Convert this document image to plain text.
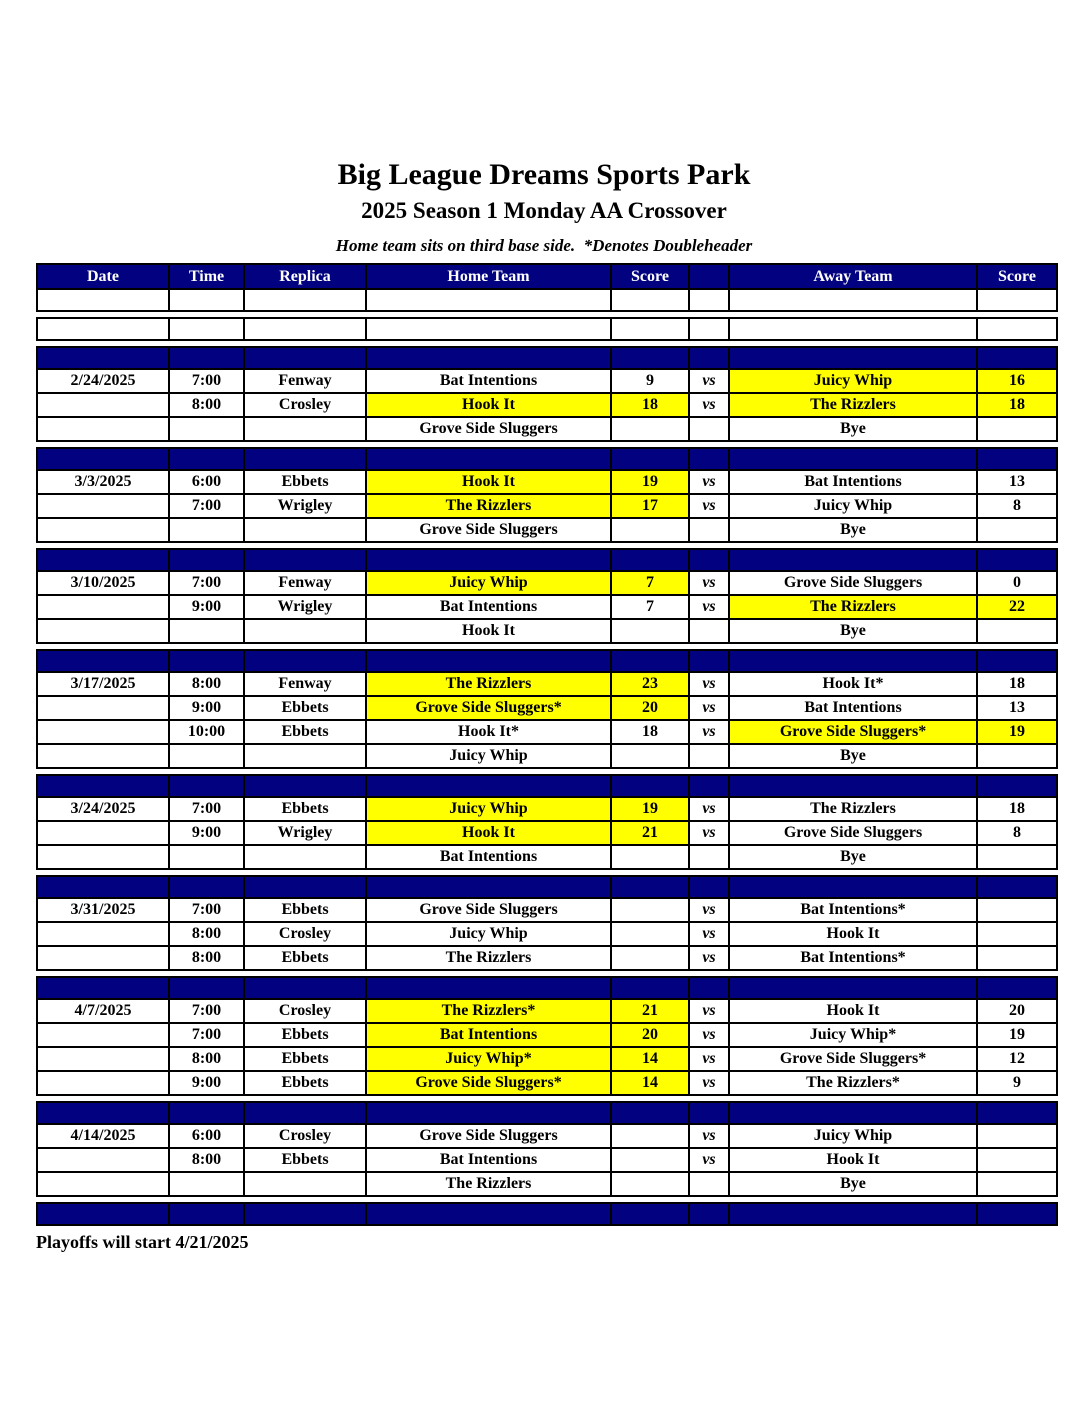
Big League Dreams Sports Park
2025 Season 1 Monday AA Crossover
Home team sits on third base side.  *Denotes Doubleheader
Date	Time	Replica	Home Team	Score		Away Team	Score

2/24/2025	7:00	Fenway	Bat Intentions	9	vs	Juicy Whip	16
	8:00	Crosley	Hook It	18	vs	The Rizzlers	18
			Grove Side Sluggers			Bye	

3/3/2025	6:00	Ebbets	Hook It	19	vs	Bat Intentions	13
	7:00	Wrigley	The Rizzlers	17	vs	Juicy Whip	8
			Grove Side Sluggers			Bye	

3/10/2025	7:00	Fenway	Juicy Whip	7	vs	Grove Side Sluggers	0
	9:00	Wrigley	Bat Intentions	7	vs	The Rizzlers	22
			Hook It			Bye	

3/17/2025	8:00	Fenway	The Rizzlers	23	vs	Hook It*	18
	9:00	Ebbets	Grove Side Sluggers*	20	vs	Bat Intentions	13
	10:00	Ebbets	Hook It*	18	vs	Grove Side Sluggers*	19
			Juicy Whip			Bye	

3/24/2025	7:00	Ebbets	Juicy Whip	19	vs	The Rizzlers	18
	9:00	Wrigley	Hook It	21	vs	Grove Side Sluggers	8
			Bat Intentions			Bye	

3/31/2025	7:00	Ebbets	Grove Side Sluggers		vs	Bat Intentions*	
	8:00	Crosley	Juicy Whip		vs	Hook It	
	8:00	Ebbets	The Rizzlers		vs	Bat Intentions*	

4/7/2025	7:00	Crosley	The Rizzlers*	21	vs	Hook It	20
	7:00	Ebbets	Bat Intentions	20	vs	Juicy Whip*	19
	8:00	Ebbets	Juicy Whip*	14	vs	Grove Side Sluggers*	12
	9:00	Ebbets	Grove Side Sluggers*	14	vs	The Rizzlers*	9

4/14/2025	6:00	Crosley	Grove Side Sluggers		vs	Juicy Whip	
	8:00	Ebbets	Bat Intentions		vs	Hook It	
			The Rizzlers			Bye	

Playoffs will start 4/21/2025
